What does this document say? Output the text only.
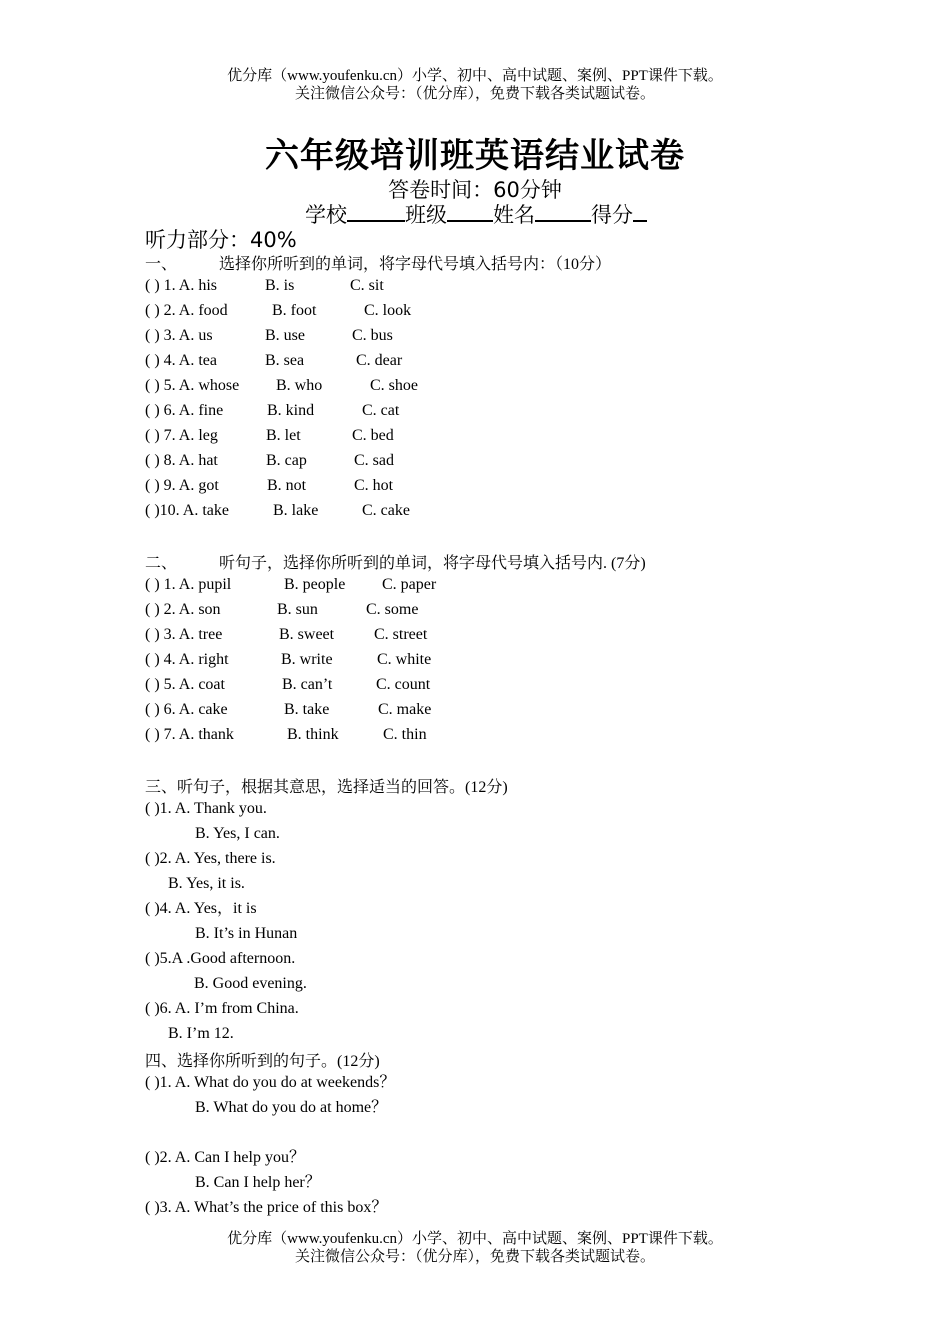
优分库（www.youfenku.cn）小学、初中、高中试题、案例、PPT课件下载。
关注微信公众号：（优分库），免费下载各类试题试卷。
六年级培训班英语结业试卷
答卷时间：60分钟
学校	班级 姓名	得分
听力部分：40%
一、	选择你所听到的单词，将字母代号填入括号内：（10分）
( ) 1. A. his	B. is	C. sit
( ) 2. A. food	B. foot	C. look
( ) 3. A. us	B. use	C. bus
( ) 4. A. tea	B. sea	C. dear
( ) 5. A. whose B. who	C. shoe
( ) 6. A. fine	B. kind	C. cat
( ) 7. A. leg	B. let	C. bed
( ) 8. A. hat	B. cap	C. sad
( ) 9. A. got	B. not	C. hot
( )10. A. take	B. lake	C. cake
二、	听句子，选择你所听到的单词，将字母代号填入括号内. (7分)
( ) 1. A. pupil	B. people C. paper
( ) 2. A. son	B. sun	C. some
( ) 3. A. tree	B. sweet C. street
( ) 4. A. right	B. write	C. white
( ) 5. A. coat	B. can’t	C. count
( ) 6. A. cake	B. take	C. make
( ) 7. A. thank	B. think	C. thin
三、听句子，根据其意思，选择适当的回答。(12分)
( )1. A. Thank you.
B. Yes, I can.
( )2. A. Yes, there is.
B. Yes, it is.
( )4. A. Yes，it is
B. It’s in Hunan
( )5.A .Good afternoon.
B. Good evening.
( )6. A. I’m from China.
B. I’m 12.
四、选择你所听到的句子。(12分)
( )1. A. What do you do at weekends？
B. What do you do at home？
( )2. A. Can I help you？
B. Can I help her？
( )3. A. What’s the price of this box？
优分库（www.youfenku.cn）小学、初中、高中试题、案例、PPT课件下载。
关注微信公众号：（优分库），免费下载各类试题试卷。
